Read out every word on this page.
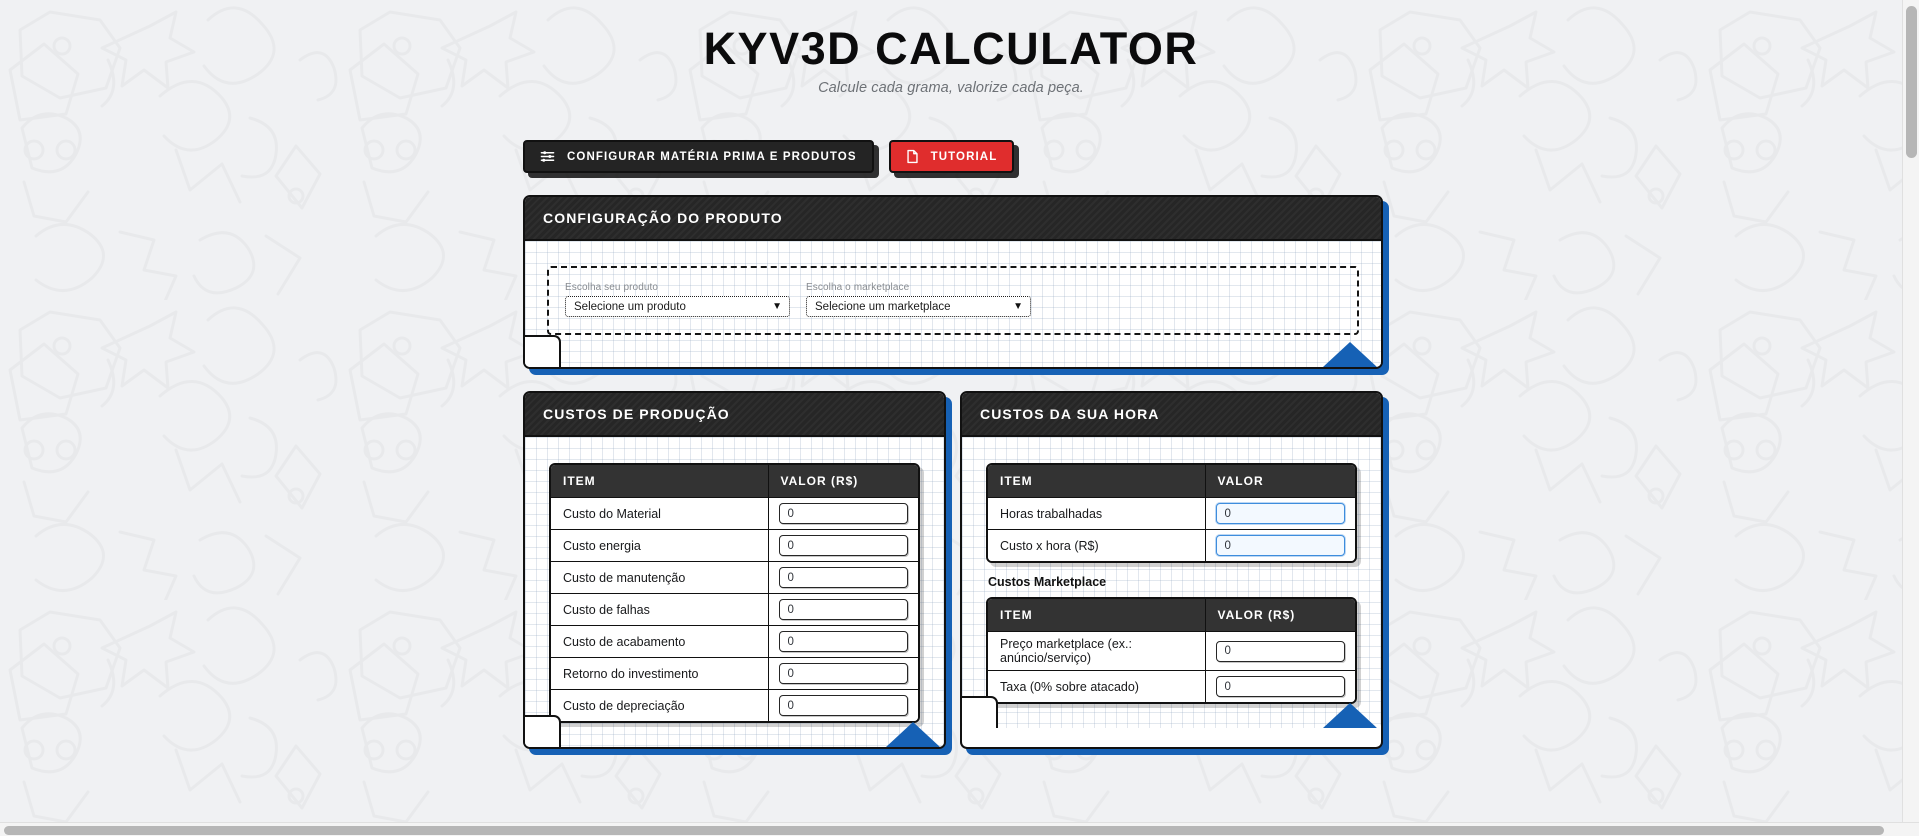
KYV3D CALCULATOR

Calcule cada grama, valorize cada peça.

CONFIGURAR MATÉRIA PRIMA E PRODUTOS	TUTORIAL
CONFIGURAÇÃO DO PRODUTO
Escolha seu produto
Selecione um produto	▼
Escolha o marketplace
Selecione um marketplace	▼
CUSTOS DE PRODUÇÃO
ITEM	VALOR (R$)
Custo do Material	0
Custo energia	0
Custo de manutenção	0
Custo de falhas	0
Custo de acabamento	0
Retorno do investimento	0
Custo de depreciação	0
CUSTOS DA SUA HORA
ITEM	VALOR
Horas trabalhadas	0
Custo x hora (R$)	0
Custos Marketplace
ITEM	VALOR (R$)
Preço marketplace (ex.: anúncio/serviço)	0
Taxa (0% sobre atacado)	0
